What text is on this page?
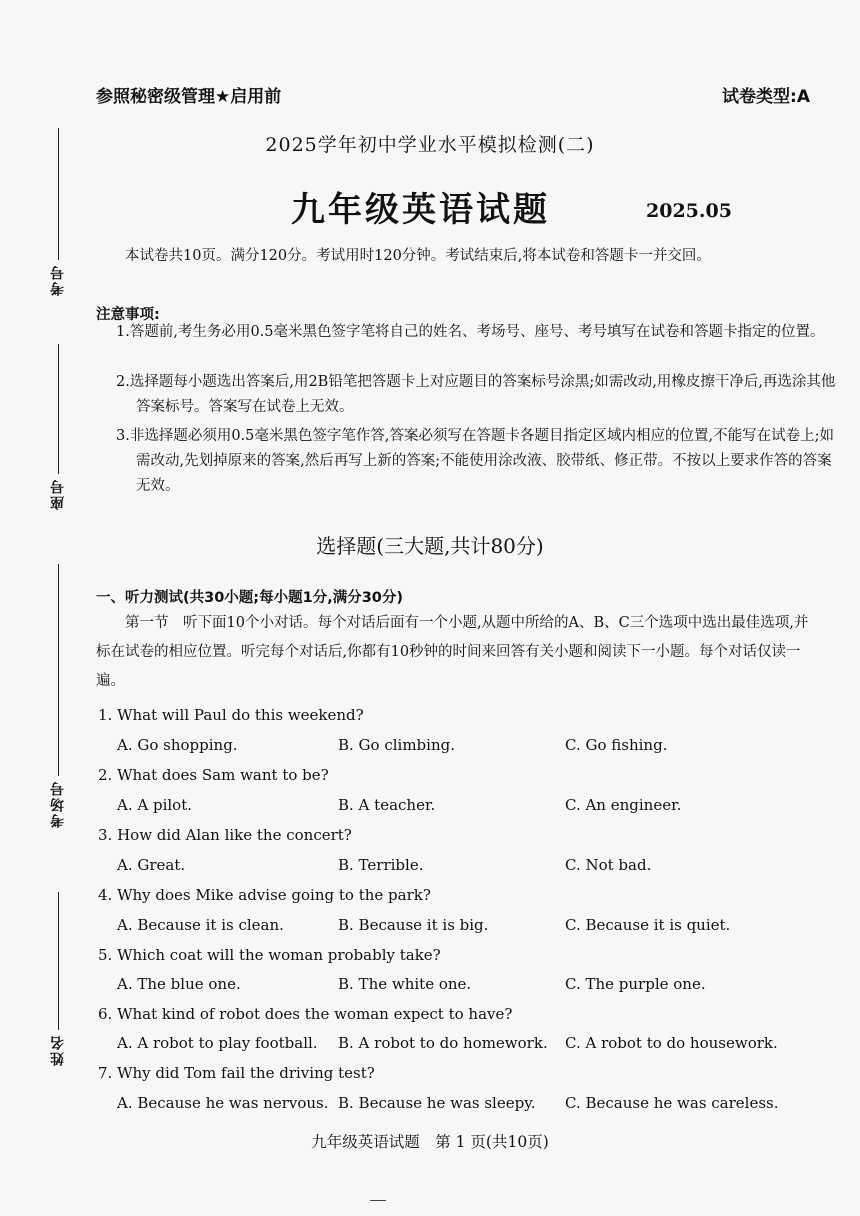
考号
座号
考场号
姓名
参照秘密级管理★启用前	试卷类型:A
2025学年初中学业水平模拟检测(二)
九年级英语试题	2025.05
本试卷共10页。满分120分。考试用时120分钟。考试结束后,将本试卷和答题卡一并交回。
注意事项:
1.答题前,考生务必用0.5毫米黑色签字笔将自己的姓名、考场号、座号、考号填写在试卷和答题卡指定的位置。
2.选择题每小题选出答案后,用2B铅笔把答题卡上对应题目的答案标号涂黑;如需改动,用橡皮擦干净后,再选涂其他答案标号。答案写在试卷上无效。
3.非选择题必须用0.5毫米黑色签字笔作答,答案必须写在答题卡各题目指定区域内相应的位置,不能写在试卷上;如需改动,先划掉原来的答案,然后再写上新的答案;不能使用涂改液、胶带纸、修正带。不按以上要求作答的答案无效。
选择题(三大题,共计80分)
一、听力测试(共30小题;每小题1分,满分30分)
第一节　听下面10个小对话。每个对话后面有一个小题,从题中所给的A、B、C三个选项中选出最佳选项,并标在试卷的相应位置。听完每个对话后,你都有10秒钟的时间来回答有关小题和阅读下一小题。每个对话仅读一遍。
1. What will Paul do this weekend?
A. Go shopping.	B. Go climbing.	C. Go fishing.
2. What does Sam want to be?
A. A pilot.	B. A teacher.	C. An engineer.
3. How did Alan like the concert?
A. Great.	B. Terrible.	C. Not bad.
4. Why does Mike advise going to the park?
A. Because it is clean.	B. Because it is big.	C. Because it is quiet.
5. Which coat will the woman probably take?
A. The blue one.	B. The white one.	C. The purple one.
6. What kind of robot does the woman expect to have?
A. A robot to play football. B. A robot to do homework. C. A robot to do housework.
7. Why did Tom fail the driving test?
A. Because he was nervous. B. Because he was sleepy. C. Because he was careless.
九年级英语试题　第 1 页(共10页)
